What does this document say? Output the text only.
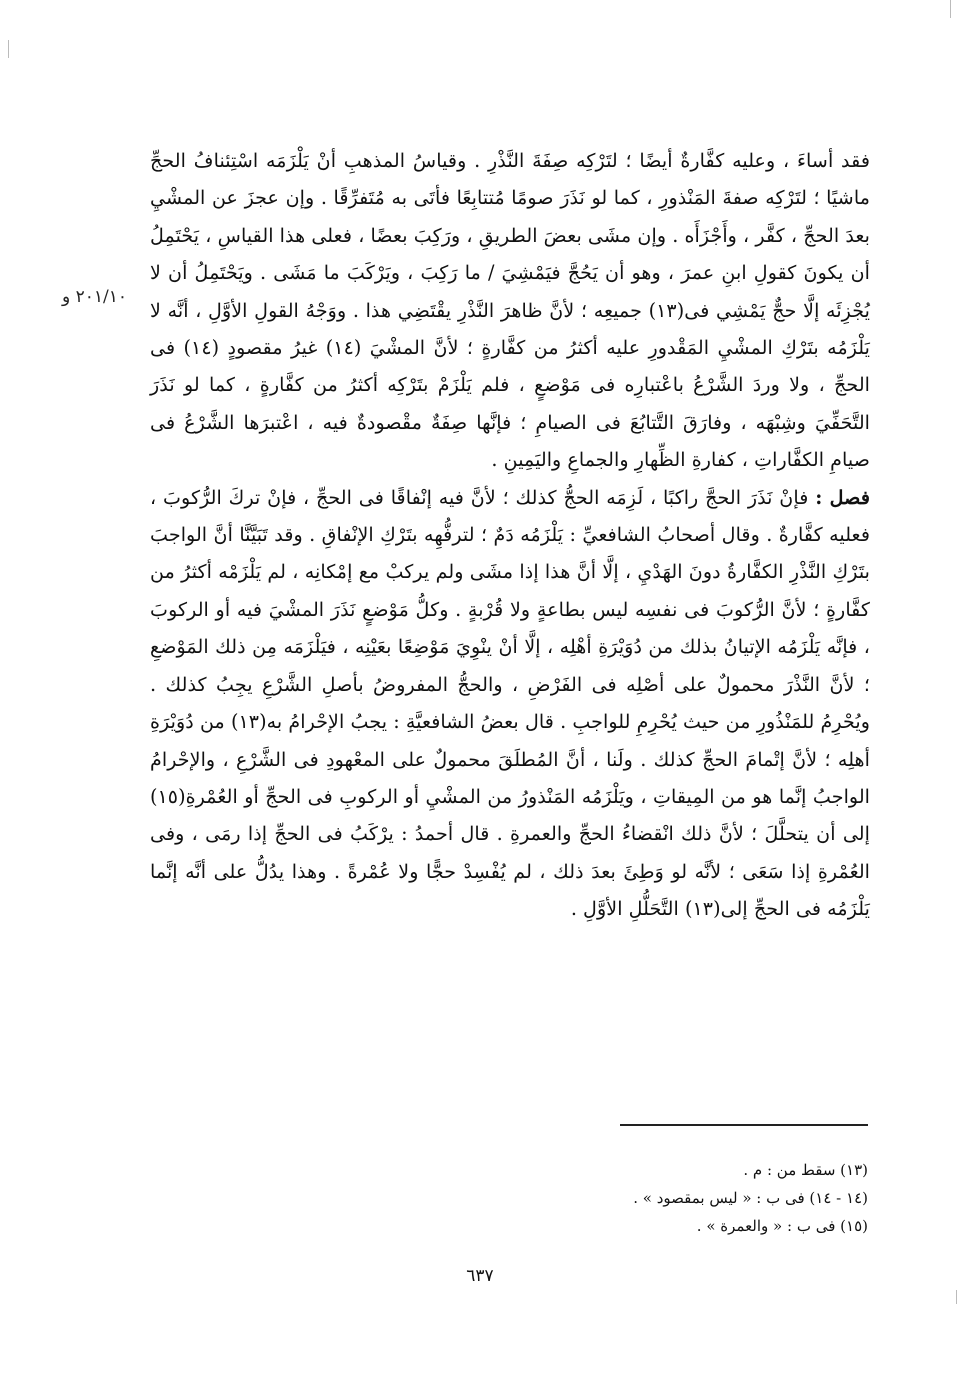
٢٠١/١٠ و

فقد أساءَ ، وعليه كفَّارةٌ أيضًا ؛ لتَرْكِه صِفَةَ النَّذْرِ . وقياسُ المذهبِ أنْ يَلْزَمَه اسْتِئنافُ الحجِّ ماشيًا ؛ لتَرْكِه صفةَ المَنْذورِ ، كما لو نَذَرَ صومًا مُتتابِعًا فأتَى به مُتَفرِّقًا . وإن عجزَ عن المشْيِ بعدَ الحجِّ ، كفَّر ، وأَجْزَأَه . وإن مشَى بعضَ الطريقِ ، ورَكِبَ بعضًا ، فعلى هذا القياسِ ، يَحْتَمِلُ أن يكونَ كقولِ ابنِ عمرَ ، وهو أن يَحُجَّ فيَمْشِيَ / ما رَكِبَ ، ويَرْكَبَ ما مَشَى . ويَحْتَمِلُ أن لا يُجْزِئَه إلَّا حجٌّ يَمْشِي فى(١٣) جميعِه ؛ لأنَّ ظاهرَ النَّذْرِ يقْتَضِي هذا . ووَجْهُ القولِ الأوَّلِ ، أنَّه لا يَلْزَمُه بتَرْكِ المشْيِ المَقْدورِ عليه أكثرُ من كفَّارةٍ ؛ لأنَّ المشْيَ (١٤) غيرُ مقصودٍ (١٤) فى الحجِّ ، ولا وردَ الشَّرْعُ باعْتبارِه فى مَوْضعٍ ، فلم يَلْزَمْ بتَرْكِه أكثرُ من كفَّارةٍ ، كما لو نَذَرَ التَّحَفِّيَ وشِبْهَه ، وفارَقَ التَّتابُعَ فى الصيامِ ؛ فإنَّها صِفَةٌ مقْصودةٌ فيه ، اعْتبرَها الشَّرْعُ فى صيامِ الكفَّاراتِ ، كفارةِ الظِّهارِ والجماعِ واليَمِينِ .

فصل : فإنْ نَذَرَ الحجَّ راكبًا ، لَزِمَه الحجُّ كذلك ؛ لأنَّ فيه إنْفاقًا فى الحجِّ ، فإنْ تركَ الرُّكوبَ ، فعليه كفَّارةٌ . وقال أصحابُ الشافعيِّ : يَلْزَمُه دَمٌ ؛ لترفُّهِه بتَرْكِ الإنْفاقِ . وقد تَبَيَّنَّا أنَّ الواجبَ بتَرْكِ النَّذْرِ الكفَّارةُ دونَ الهَدْيِ ، إلَّا أنَّ هذا إذا مشَى ولم يركبْ مع إمْكانِه ، لم يَلْزَمْه أكثرُ من كفَّارةٍ ؛ لأنَّ الرُّكوبَ فى نفسِه ليس بطاعةٍ ولا قُرْبةٍ . وكلُّ مَوْضعٍ نَذَرَ المشْيَ فيه أو الركوبَ ، فإنَّه يَلْزَمُه الإتيانُ بذلك من دُوَيْرَةِ أهْلِه ، إلَّا أنْ ينْوِيَ مَوْضِعًا بعَيْنِه ، فيَلْزَمَه مِن ذلك المَوْضعِ ؛ لأنَّ النَّذْرَ محمولٌ على أصْلِه فى الفَرْضِ ، والحجُّ المفروضُ بأصلِ الشَّرْعِ يجِبُ كذلك . ويُحْرِمُ للمَنْذُورِ من حيث يُحْرِمِ للواجبِ . قال بعضُ الشافعيَّةِ : يجبُ الإحْرامُ به(١٣) من دُوَيْرَةِ أهلِه ؛ لأنَّ إتْمامَ الحجِّ كذلك . ولَنا ، أنَّ المُطلَقَ محمولٌ على المعْهودِ فى الشَّرْعِ ، والإحْرامُ الواجبُ إنَّما هو من المِيقاتِ ، ويَلْزَمُه المَنْذورُ من المشْيِ أو الركوبِ فى الحجِّ أو العُمْرةِ(١٥) إلى أن يتحلَّلَ ؛ لأنَّ ذلك انْقضاءُ الحجِّ والعمرةِ . قال أحمدُ : يرْكَبُ فى الحجِّ إذا رمَى ، وفى العُمْرةِ إذا سَعَى ؛ لأنَّه لو وَطِئَ بعدَ ذلك ، لم يُفْسِدْ حجًّا ولا عُمْرةً . وهذا يدُلُّ على أنَّه إنَّما يَلْزَمُه فى الحجِّ إلى(١٣) التَّحَلُّلِ الأوَّلِ .

(١٣) سقط من : م .
(١٤ - ١٤) فى ب : « ليس بمقصود » .
(١٥) فى ب : « والعمرة » .
٦٣٧
